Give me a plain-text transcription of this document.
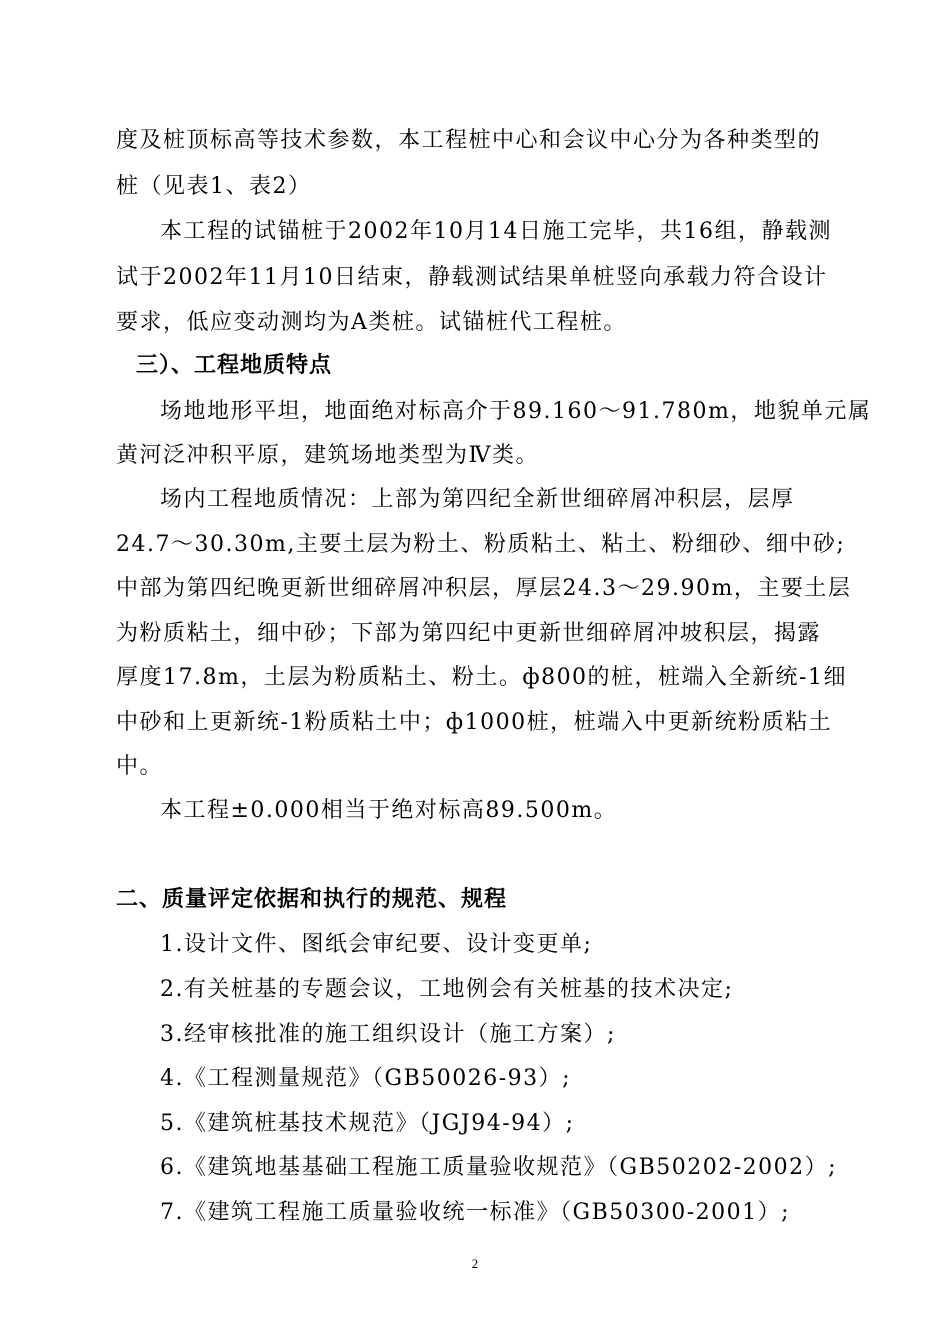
度及桩顶标高等技术参数，本工程桩中心和会议中心分为各种类型的
桩（见表1、表2）
本工程的试锚桩于2002年10月14日施工完毕，共16组，静载测
试于2002年11月10日结束，静载测试结果单桩竖向承载力符合设计
要求，低应变动测均为A类桩。试锚桩代工程桩。
三）、工程地质特点
场地地形平坦，地面绝对标高介于89.160～91.780m，地貌单元属
黄河泛冲积平原，建筑场地类型为Ⅳ类。
场内工程地质情况：上部为第四纪全新世细碎屑冲积层，层厚
24.7～30.30m,主要土层为粉土、粉质粘土、粘土、粉细砂、细中砂;
中部为第四纪晚更新世细碎屑冲积层，厚层24.3～29.90m，主要土层
为粉质粘土，细中砂；下部为第四纪中更新世细碎屑冲坡积层，揭露
厚度17.8m，土层为粉质粘土、粉土。ф800的桩，桩端入全新统-1细
中砂和上更新统-1粉质粘土中；ф1000桩，桩端入中更新统粉质粘土
中。
本工程±0.000相当于绝对标高89.500m。
二、质量评定依据和执行的规范、规程
1.设计文件、图纸会审纪要、设计变更单;
2.有关桩基的专题会议，工地例会有关桩基的技术决定;
3.经审核批准的施工组织设计（施工方案）;
4.《工程测量规范》（GB50026-93）;
5.《建筑桩基技术规范》（JGJ94-94）;
6.《建筑地基基础工程施工质量验收规范》（GB50202-2002）;
7.《建筑工程施工质量验收统一标准》（GB50300-2001）;
2
